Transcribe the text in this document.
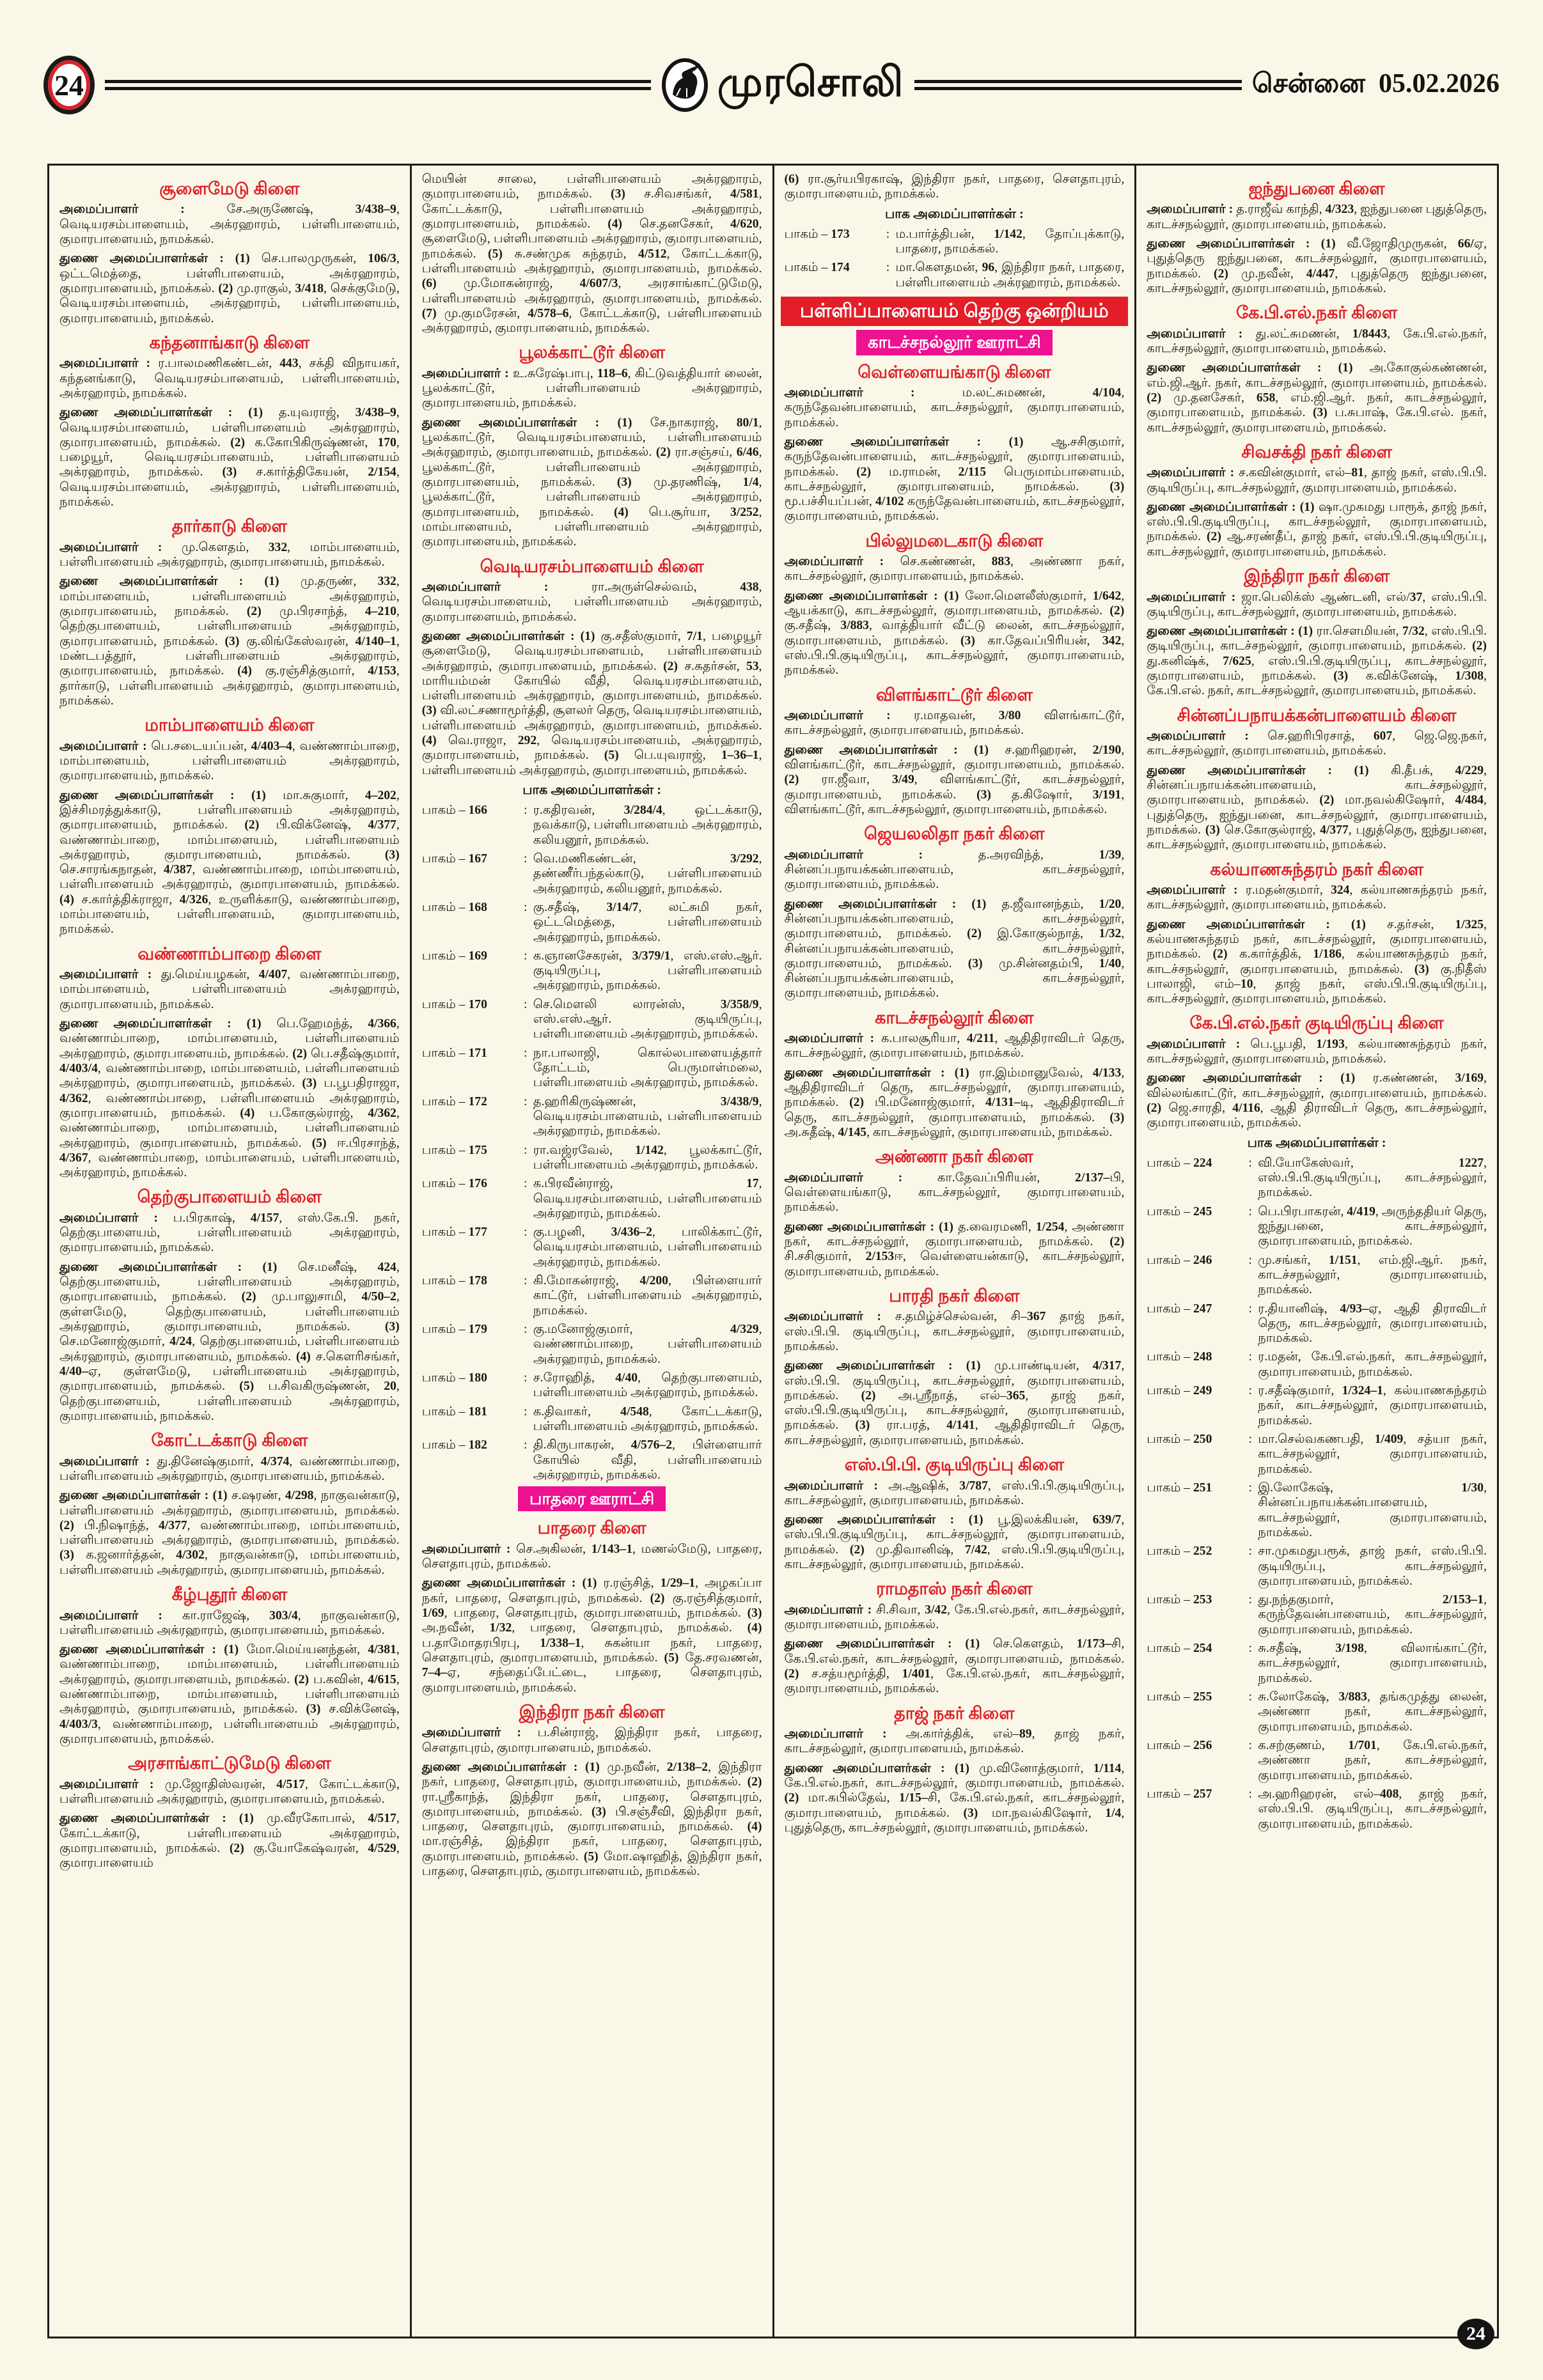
24	முரசொலி	சென்னை 05.02.2026
சூளைமேடு கிளை
அமைப்பாளர் : சே.அருணேஷ், 3/438–9, வெடியரசம்பாளையம், அக்ரஹாரம், பள்ளிபாளையம், குமாரபாளையம், நாமக்கல்.
துணை அமைப்பாளர்கள் : (1) செ.பாலமுருகன், 106/3, ஒட்டமெத்தை, பள்ளிபாளையம், அக்ரஹாரம், குமாரபாளையம், நாமக்கல். (2) மு.ராகுல், 3/418, செக்குமேடு, வெடியரசம்பாளையம், அக்ரஹாரம், பள்ளிபாளையம், குமாரபாளையம், நாமக்கல்.
கந்தனாங்காடு கிளை
அமைப்பாளர் : ர.பாலமணிகண்டன், 443, சக்தி விநாயகர், கந்தனங்காடு, வெடியரசம்பாளையம், பள்ளிபாளையம், அக்ரஹாரம், நாமக்கல்.
துணை அமைப்பாளர்கள் : (1) த.யுவராஜ், 3/438–9, வெடியரசம்பாளையம், பள்ளிபாளையம் அக்ரஹாரம், குமாரபாளையம், நாமக்கல். (2) க.கோபிகிருஷ்ணன், 170, பழையூர், வெடியரசம்பாளையம், பள்ளிபாளையம் அக்ரஹாரம், நாமக்கல். (3) ச.கார்த்திகேயன், 2/154, வெடியரசம்பாளையம், அக்ரஹாரம், பள்ளிபாளையம், நாமக்கல்.
தார்காடு கிளை
அமைப்பாளர் : மு.கௌதம், 332, மாம்பாளையம், பள்ளிபாளையம் அக்ரஹாரம், குமாரபாளையம், நாமக்கல்.
துணை அமைப்பாளர்கள் : (1) மு.தருண், 332, மாம்பாளையம், பள்ளிபாளையம் அக்ரஹாரம், குமாரபாளையம், நாமக்கல். (2) மு.பிரசாந்த், 4–210, தெற்குபாளையம், பள்ளிபாளையம் அக்ரஹாரம், குமாரபாளையம், நாமக்கல். (3) கு.லிங்கேஸ்வரன், 4/140–1, மண்டபத்தூர், பள்ளிபாளையம் அக்ரஹாரம், குமாரபாளையம், நாமக்கல். (4) கு.ரஞ்சித்குமார், 4/153, தார்காடு, பள்ளிபாளையம் அக்ரஹாரம், குமாரபாளையம், நாமக்கல்.
மாம்பாளையம் கிளை
அமைப்பாளர் : பெ.சடையப்பன், 4/403–4, வண்ணாம்பாறை, மாம்பாளையம், பள்ளிபாளையம் அக்ரஹாரம், குமாரபாளையம், நாமக்கல்.
துணை அமைப்பாளர்கள் : (1) மா.சுகுமார், 4–202, இச்சிமரத்துக்காடு, பள்ளிபாளையம் அக்ரஹாரம், குமாரபாளையம், நாமக்கல். (2) பி.விக்னேஷ், 4/377, வண்ணாம்பாறை, மாம்பாளையம், பள்ளிபாளையம் அக்ரஹாரம், குமாரபாளையம், நாமக்கல். (3) செ.சாரங்கநாதன், 4/387, வண்ணாம்பாறை, மாம்பாளையம், பள்ளிபாளையம் அக்ரஹாரம், குமாரபாளையம், நாமக்கல். (4) ச.கார்த்திக்ராஜா, 4/326, உருளிக்காடு, வண்ணாம்பாறை, மாம்பாளையம், பள்ளிபாளையம், குமாரபாளையம், நாமக்கல்.
வண்ணாம்பாறை கிளை
அமைப்பாளர் : து.மெய்யழகன், 4/407, வண்ணாம்பாறை, மாம்பாளையம், பள்ளிபாளையம் அக்ரஹாரம், குமாரபாளையம், நாமக்கல்.
துணை அமைப்பாளர்கள் : (1) பெ.ஹேமந்த், 4/366, வண்ணாம்பாறை, மாம்பாளையம், பள்ளிபாளையம் அக்ரஹாரம், குமாரபாளையம், நாமக்கல். (2) பெ.சதீஷ்குமார், 4/403/4, வண்ணாம்பாறை, மாம்பாளையம், பள்ளிபாளையம் அக்ரஹாரம், குமாரபாளையம், நாமக்கல். (3) ப.பூபதிராஜா, 4/362, வண்ணாம்பாறை, பள்ளிபாளையம் அக்ரஹாரம், குமாரபாளையம், நாமக்கல். (4) ப.கோகுல்ராஜ், 4/362, வண்ணாம்பாறை, மாம்பாளையம், பள்ளிபாளையம் அக்ரஹாரம், குமாரபாளையம், நாமக்கல். (5) ஈ.பிரசாந்த், 4/367, வண்ணாம்பாறை, மாம்பாளையம், பள்ளிபாளையம், அக்ரஹாரம், நாமக்கல்.
தெற்குபாளையம் கிளை
அமைப்பாளர் : ப.பிரகாஷ், 4/157, எஸ்.கே.பி. நகர், தெற்குபாளையம், பள்ளிபாளையம் அக்ரஹாரம், குமாரபாளையம், நாமக்கல்.
துணை அமைப்பாளர்கள் : (1) செ.மனீஷ், 424, தெற்குபாளையம், பள்ளிபாளையம் அக்ரஹாரம், குமாரபாளையம், நாமக்கல். (2) மு.பாலுசாமி, 4/50–2, குள்ளமேடு, தெற்குபாளையம், பள்ளிபாளையம் அக்ரஹாரம், குமாரபாளையம், நாமக்கல். (3) செ.மனோஜ்குமார், 4/24, தெற்குபாளையம், பள்ளிபாளையம் அக்ரஹாரம், குமாரபாளையம், நாமக்கல். (4) ச.கௌரிசங்கர், 4/40–ஏ, குள்ளமேடு, பள்ளிபாளையம் அக்ரஹாரம், குமாரபாளையம், நாமக்கல். (5) ப.சிவகிருஷ்ணன், 20, தெற்குபாளையம், பள்ளிபாளையம் அக்ரஹாரம், குமாரபாளையம், நாமக்கல்.
கோட்டக்காடு கிளை
அமைப்பாளர் : து.தினேஷ்குமார், 4/374, வண்ணாம்பாறை, பள்ளிபாளையம் அக்ரஹாரம், குமாரபாளையம், நாமக்கல்.
துணை அமைப்பாளர்கள் : (1) ச.ஷரண், 4/298, நாகுவன்காடு, பள்ளிபாளையம் அக்ரஹாரம், குமாரபாளையம், நாமக்கல். (2) பி.நிஷாந்த், 4/377, வண்ணாம்பாறை, மாம்பாளையம், பள்ளிபாளையம் அக்ரஹாரம், குமாரபாளையம், நாமக்கல். (3) க.ஜனார்த்தன், 4/302, நாகுவன்காடு, மாம்பாளையம், பள்ளிபாளையம் அக்ரஹாரம், குமாரபாளையம், நாமக்கல்.
கீழ்புதூர் கிளை
அமைப்பாளர் : கா.ராஜேஷ், 303/4, நாகுவன்காடு, பள்ளிபாளையம் அக்ரஹாரம், குமாரபாளையம், நாமக்கல்.
துணை அமைப்பாளர்கள் : (1) மோ.மெய்யனந்தன், 4/381, வண்ணாம்பாறை, மாம்பாளையம், பள்ளிபாளையம் அக்ரஹாரம், குமாரபாளையம், நாமக்கல். (2) ப.கவின், 4/615, வண்ணாம்பாறை, மாம்பாளையம், பள்ளிபாளையம் அக்ரஹாரம், குமாரபாளையம், நாமக்கல். (3) ச.விக்னேஷ், 4/403/3, வண்ணாம்பாறை, பள்ளிபாளையம் அக்ரஹாரம், குமாரபாளையம், நாமக்கல்.
அரசாங்காட்டுமேடு கிளை
அமைப்பாளர் : மு.ஜோதிஸ்வரன், 4/517, கோட்டக்காடு, பள்ளிபாளையம் அக்ரஹாரம், குமாரபாளையம், நாமக்கல்.
துணை அமைப்பாளர்கள் : (1) மு.வீரகோபால், 4/517, கோட்டக்காடு, பள்ளிபாளையம் அக்ரஹாரம், குமாரபாளையம், நாமக்கல். (2) கு.யோகேஷ்வரன், 4/529, குமாரபாளையம்
மெயின் சாலை, பள்ளிபாளையம் அக்ரஹாரம், குமாரபாளையம், நாமக்கல். (3) ச.சிவசங்கர், 4/581, கோட்டக்காடு, பள்ளிபாளையம் அக்ரஹாரம், குமாரபாளையம், நாமக்கல். (4) செ.தனசேகர், 4/620, சூளைமேடு, பள்ளிபாளையம் அக்ரஹாரம், குமாரபாளையம், நாமக்கல். (5) சு.சண்முக சுந்தரம், 4/512, கோட்டக்காடு, பள்ளிபாளையம் அக்ரஹாரம், குமாரபாளையம், நாமக்கல். (6) மு.மோகன்ராஜ், 4/607/3, அரசாங்காட்டுமேடு, பள்ளிபாளையம் அக்ரஹாரம், குமாரபாளையம், நாமக்கல். (7) மு.குமரேசன், 4/578–6, கோட்டக்காடு, பள்ளிபாளையம் அக்ரஹாரம், குமாரபாளையம், நாமக்கல்.
பூலக்காட்டூர் கிளை
அமைப்பாளர் : உ.சுரேஷ்பாபு, 118–6, கிட்டுவத்தியார் லைன், பூலக்காட்டூர், பள்ளிபாளையம் அக்ரஹாரம், குமாரபாளையம், நாமக்கல்.
துணை அமைப்பாளர்கள் : (1) சே.நாகராஜ், 80/1, பூலக்காட்டூர், வெடியரசம்பாளையம், பள்ளிபாளையம் அக்ரஹாரம், குமாரபாளையம், நாமக்கல். (2) ரா.சஞ்சய், 6/46, பூலக்காட்டூர், பள்ளிபாளையம் அக்ரஹாரம், குமாரபாளையம், நாமக்கல். (3) மு.தரணிஷ், 1/4, பூலக்காட்டூர், பள்ளிபாளையம் அக்ரஹாரம், குமாரபாளையம், நாமக்கல். (4) பெ.சூர்யா, 3/252, மாம்பாளையம், பள்ளிபாளையம் அக்ரஹாரம், குமாரபாளையம், நாமக்கல்.
வெடியரசம்பாளையம் கிளை
அமைப்பாளர் : ரா.அருள்செல்வம், 438, வெடியரசம்பாளையம், பள்ளிபாளையம் அக்ரஹாரம், குமாரபாளையம், நாமக்கல்.
துணை அமைப்பாளர்கள் : (1) கு.சதீஸ்குமார், 7/1, பழையூர் சூளைமேடு, வெடியரசம்பாளையம், பள்ளிபாளையம் அக்ரஹாரம், குமாரபாளையம், நாமக்கல். (2) ச.சுதர்சன், 53, மாரியம்மன் கோயில் வீதி, வெடியரசம்பாளையம், பள்ளிபாளையம் அக்ரஹாரம், குமாரபாளையம், நாமக்கல். (3) வி.லட்சணாமூர்த்தி, சூளலர் தெரு, வெடியரசம்பாளையம், பள்ளிபாளையம் அக்ரஹாரம், குமாரபாளையம், நாமக்கல். (4) வெ.ராஜா, 292, வெடியரசம்பாளையம், அக்ரஹாரம், குமாரபாளையம், நாமக்கல். (5) பெ.யுவராஜ், 1–36–1, பள்ளிபாளையம் அக்ரஹாரம், குமாரபாளையம், நாமக்கல்.
பாக அமைப்பாளர்கள் :
பாகம் – 166	: ர.கதிரவன், 3/284/4, ஒட்டக்காடு, நவக்காடு, பள்ளிபாளையம் அக்ரஹாரம், கலியனூர், நாமக்கல்.
பாகம் – 167	: வெ.மணிகண்டன், 3/292, தண்ணீர்பந்தல்காடு, பள்ளிபாளையம் அக்ரஹாரம், கலியனூர், நாமக்கல்.
பாகம் – 168	: கு.சதீஷ், 3/14/7, லட்சுமி நகர், ஒட்டமெத்தை, பள்ளிபாளையம் அக்ரஹாரம், நாமக்கல்.
பாகம் – 169	: க.ஞானசேகரன், 3/379/1, எஸ்.எஸ்.ஆர். குடியிருப்பு, பள்ளிபாளையம் அக்ரஹாரம், நாமக்கல்.
பாகம் – 170	: செ.மௌலி லாரன்ஸ், 3/358/9, எஸ்.எஸ்.ஆர். குடியிருப்பு, பள்ளிபாளையம் அக்ரஹாரம், நாமக்கல்.
பாகம் – 171	: நா.பாலாஜி, கொல்லபாளையத்தார் தோட்டம், பெருமாள்மலை, பள்ளிபாளையம் அக்ரஹாரம், நாமக்கல்.
பாகம் – 172	: த.ஹரிகிருஷ்ணன், 3/438/9, வெடியரசம்பாளையம், பள்ளிபாளையம் அக்ரஹாரம், நாமக்கல்.
பாகம் – 175	: ரா.வஜ்ரவேல், 1/142, பூலக்காட்டூர், பள்ளிபாளையம் அக்ரஹாரம், நாமக்கல்.
பாகம் – 176	: க.பிரவீன்ராஜ், 17, வெடியரசம்பாளையம், பள்ளிபாளையம் அக்ரஹாரம், நாமக்கல்.
பாகம் – 177	: கு.பழனி, 3/436–2, பாலிக்காட்டூர், வெடியரசம்பாளையம், பள்ளிபாளையம் அக்ரஹாரம், நாமக்கல்.
பாகம் – 178	: கி.மோகன்ராஜ், 4/200, பிள்ளையார் காட்டூர், பள்ளிபாளையம் அக்ரஹாரம், நாமக்கல்.
பாகம் – 179	: கு.மனோஜ்குமார், 4/329, வண்ணாம்பாறை, பள்ளிபாளையம் அக்ரஹாரம், நாமக்கல்.
பாகம் – 180	: ச.ரோஹித், 4/40, தெற்குபாளையம், பள்ளிபாளையம் அக்ரஹாரம், நாமக்கல்.
பாகம் – 181	: க.திவாகர், 4/548, கோட்டக்காடு, பள்ளிபாளையம் அக்ரஹாரம், நாமக்கல்.
பாகம் – 182	: தி.கிருபாகரன், 4/576–2, பிள்ளையார் கோயில் வீதி, பள்ளிபாளையம் அக்ரஹாரம், நாமக்கல்.
பாதரை ஊராட்சி
பாதரை கிளை
அமைப்பாளர் : செ.அகிலன், 1/143–1, மணல்மேடு, பாதரை, சௌதாபுரம், நாமக்கல்.
துணை அமைப்பாளர்கள் : (1) ர.ரஞ்சித், 1/29–1, அழகப்பா நகர், பாதரை, சௌதாபுரம், நாமக்கல். (2) கு.ரஞ்சித்குமார், 1/69, பாதரை, சௌதாபுரம், குமாரபாளையம், நாமக்கல். (3) அ.நவீன், 1/32, பாதரை, சௌதாபுரம், நாமக்கல். (4) ப.தாமோதரபிரபு, 1/338–1, சுகன்யா நகர், பாதரை, சௌதாபுரம், குமாரபாளையம், நாமக்கல். (5) தே.சரவணன், 7–4–ஏ, சந்தைப்பேட்டை, பாதரை, சௌதாபுரம், குமாரபாளையம், நாமக்கல்.
இந்திரா நகர் கிளை
அமைப்பாளர் : ப.சின்ராஜ், இந்திரா நகர், பாதரை, சௌதாபுரம், குமாரபாளையம், நாமக்கல்.
துணை அமைப்பாளர்கள் : (1) மு.நவீன், 2/138–2, இந்திரா நகர், பாதரை, சௌதாபுரம், குமாரபாளையம், நாமக்கல். (2) ரா.ஸ்ரீகாந்த், இந்திரா நகர், பாதரை, சௌதாபுரம், குமாரபாளையம், நாமக்கல். (3) பி.சஞ்சீவி, இந்திரா நகர், பாதரை, சௌதாபுரம், குமாரபாளையம், நாமக்கல். (4) மா.ரஞ்சித், இந்திரா நகர், பாதரை, சௌதாபுரம், குமாரபாளையம், நாமக்கல். (5) மோ.ஷாஹித், இந்திரா நகர், பாதரை, சௌதாபுரம், குமாரபாளையம், நாமக்கல்.
(6) ரா.சூர்யபிரகாஷ், இந்திரா நகர், பாதரை, சௌதாபுரம், குமாரபாளையம், நாமக்கல்.
பாக அமைப்பாளர்கள் :
பாகம் – 173	: ம.பார்த்திபன், 1/142, தோப்புக்காடு, பாதரை, நாமக்கல்.
பாகம் – 174	: மா.கௌதமன், 96, இந்திரா நகர், பாதரை, பள்ளிபாளையம் அக்ரஹாரம், நாமக்கல்.
பள்ளிப்பாளையம் தெற்கு ஒன்றியம்
காடச்சநல்லூர் ஊராட்சி
வெள்ளையங்காடு கிளை
அமைப்பாளர் : ம.லட்சுமணன், 4/104, கருந்தேவன்பாளையம், காடச்சநல்லூர், குமாரபாளையம், நாமக்கல்.
துணை அமைப்பாளர்கள் : (1) ஆ.சசிகுமார், கருந்தேவன்பாளையம், காடச்சநல்லூர், குமாரபாளையம், நாமக்கல். (2) ம.ராமன், 2/115 பெருமாம்பாளையம், காடச்சநல்லூர், குமாரபாளையம், நாமக்கல். (3) மூ.பச்சியப்பன், 4/102 கருந்தேவன்பாளையம், காடச்சநல்லூர், குமாரபாளையம், நாமக்கல்.
பில்லுமடைகாடு கிளை
அமைப்பாளர் : செ.கண்ணன், 883, அண்ணா நகர், காடச்சநல்லூர், குமாரபாளையம், நாமக்கல்.
துணை அமைப்பாளர்கள் : (1) லோ.மௌலீஸ்குமார், 1/642, ஆயக்காடு, காடச்சநல்லூர், குமாரபாளையம், நாமக்கல். (2) கு.சதீஷ், 3/883, வாத்தியார் வீட்டு லைன், காடச்சநல்லூர், குமாரபாளையம், நாமக்கல். (3) கா.தேவப்பிரியன், 342, எஸ்.பி.பி.குடியிருப்பு, காடச்சநல்லூர், குமாரபாளையம், நாமக்கல்.
விளங்காட்டூர் கிளை
அமைப்பாளர் : ர.மாதவன், 3/80 விளங்காட்டூர், காடச்சநல்லூர், குமாரபாளையம், நாமக்கல்.
துணை அமைப்பாளர்கள் : (1) ச.ஹரிஹரன், 2/190, விளங்காட்டூர், காடச்சநல்லூர், குமாரபாளையம், நாமக்கல். (2) ரா.ஜீவா, 3/49, விளங்காட்டூர், காடச்சநல்லூர், குமாரபாளையம், நாமக்கல். (3) த.கிஷோர், 3/191, விளங்காட்டூர், காடச்சநல்லூர், குமாரபாளையம், நாமக்கல்.
ஜெயலலிதா நகர் கிளை
அமைப்பாளர் : த.அரவிந்த், 1/39, சின்னப்பநாயக்கன்பாளையம், காடச்சநல்லூர், குமாரபாளையம், நாமக்கல்.
துணை அமைப்பாளர்கள் : (1) த.ஜீவானந்தம், 1/20, சின்னப்பநாயக்கன்பாளையம், காடச்சநல்லூர், குமாரபாளையம், நாமக்கல். (2) இ.கோகுல்நாத், 1/32, சின்னப்பநாயக்கன்பாளையம், காடச்சநல்லூர், குமாரபாளையம், நாமக்கல். (3) மு.சின்னதம்பி, 1/40, சின்னப்பநாயக்கன்பாளையம், காடச்சநல்லூர், குமாரபாளையம், நாமக்கல்.
காடச்சநல்லூர் கிளை
அமைப்பாளர் : க.பாலசூரியா, 4/211, ஆதிதிராவிடர் தெரு, காடச்சநல்லூர், குமாரபாளையம், நாமக்கல்.
துணை அமைப்பாளர்கள் : (1) ரா.இம்மானுவேல், 4/133, ஆதிதிராவிடர் தெரு, காடச்சநல்லூர், குமாரபாளையம், நாமக்கல். (2) பி.மனோஜ்குமார், 4/131–டி, ஆதிதிராவிடர் தெரு, காடச்சநல்லூர், குமாரபாளையம், நாமக்கல். (3) அ.சுதீஷ், 4/145, காடச்சநல்லூர், குமாரபாளையம், நாமக்கல்.
அண்ணா நகர் கிளை
அமைப்பாளர் : கா.தேவப்பிரியன், 2/137–பி, வெள்ளையங்காடு, காடச்சநல்லூர், குமாரபாளையம், நாமக்கல்.
துணை அமைப்பாளர்கள் : (1) த.வைரமணி, 1/254, அண்ணா நகர், காடச்சநல்லூர், குமாரபாளையம், நாமக்கல். (2) சி.சசிகுமார், 2/153ஈ, வெள்ளையன்காடு, காடச்சநல்லூர், குமாரபாளையம், நாமக்கல்.
பாரதி நகர் கிளை
அமைப்பாளர் : ச.தமிழ்ச்செல்வன், சி–367 தாஜ் நகர், எஸ்.பி.பி. குடியிருப்பு, காடச்சநல்லூர், குமாரபாளையம், நாமக்கல்.
துணை அமைப்பாளர்கள் : (1) மு.பாண்டியன், 4/317, எஸ்.பி.பி. குடியிருப்பு, காடச்சநல்லூர், குமாரபாளையம், நாமக்கல். (2) அ.ஸ்ரீநாத், எல்–365, தாஜ் நகர், எஸ்.பி.பி.குடியிருப்பு, காடச்சநல்லூர், குமாரபாளையம், நாமக்கல். (3) ரா.பரத், 4/141, ஆதிதிராவிடர் தெரு, காடச்சநல்லூர், குமாரபாளையம், நாமக்கல்.
எஸ்.பி.பி. குடியிருப்பு கிளை
அமைப்பாளர் : அ.ஆஷிக், 3/787, எஸ்.பி.பி.குடியிருப்பு, காடச்சநல்லூர், குமாரபாளையம், நாமக்கல்.
துணை அமைப்பாளர்கள் : (1) பூ.இலக்கியன், 639/7, எஸ்.பி.பி.குடியிருப்பு, காடச்சநல்லூர், குமாரபாளையம், நாமக்கல். (2) மு.திவானிஷ், 7/42, எஸ்.பி.பி.குடியிருப்பு, காடச்சநல்லூர், குமாரபாளையம், நாமக்கல்.
ராமதாஸ் நகர் கிளை
அமைப்பாளர் : சி.சிவா, 3/42, கே.பி.எல்.நகர், காடச்சநல்லூர், குமாரபாளையம், நாமக்கல்.
துணை அமைப்பாளர்கள் : (1) செ.கௌதம், 1/173–சி, கே.பி.எல்.நகர், காடச்சநல்லூர், குமாரபாளையம், நாமக்கல். (2) ச.சத்யமூர்த்தி, 1/401, கே.பி.எல்.நகர், காடச்சநல்லூர், குமாரபாளையம், நாமக்கல்.
தாஜ் நகர் கிளை
அமைப்பாளர் : அ.கார்த்திக், எல்–89, தாஜ் நகர், காடச்சநல்லூர், குமாரபாளையம், நாமக்கல்.
துணை அமைப்பாளர்கள் : (1) மு.வினோத்குமார், 1/114, கே.பி.எல்.நகர், காடச்சநல்லூர், குமாரபாளையம், நாமக்கல். (2) மா.கபில்தேவ், 1/15–சி, கே.பி.எல்.நகர், காடச்சநல்லூர், குமாரபாளையம், நாமக்கல். (3) மா.நவல்கிஷோர், 1/4, புதுத்தெரு, காடச்சநல்லூர், குமாரபாளையம், நாமக்கல்.
ஐந்துபனை கிளை
அமைப்பாளர் : த.ராஜீவ் காந்தி, 4/323, ஐந்துபனை புதுத்தெரு, காடச்சநல்லூர், குமாரபாளையம், நாமக்கல்.
துணை அமைப்பாளர்கள் : (1) வீ.ஜோதிமுருகன், 66/ஏ, புதுத்தெரு ஐந்துபனை, காடச்சநல்லூர், குமாரபாளையம், நாமக்கல். (2) மு.நவீன், 4/447, புதுத்தெரு ஐந்துபனை, காடச்சநல்லூர், குமாரபாளையம், நாமக்கல்.
கே.பி.எல்.நகர் கிளை
அமைப்பாளர் : து.லட்சுமணன், 1/8443, கே.பி.எல்.நகர், காடச்சநல்லூர், குமாரபாளையம், நாமக்கல்.
துணை அமைப்பாளர்கள் : (1) அ.கோகுல்கண்ணன், எம்.ஜி.ஆர். நகர், காடச்சநல்லூர், குமாரபாளையம், நாமக்கல். (2) மு.தனசேகர், 658, எம்.ஜி.ஆர். நகர், காடச்சநல்லூர், குமாரபாளையம், நாமக்கல். (3) ப.சுபாஷ், கே.பி.எல். நகர், காடச்சநல்லூர், குமாரபாளையம், நாமக்கல்.
சிவசக்தி நகர் கிளை
அமைப்பாளர் : ச.கவின்குமார், எல்–81, தாஜ் நகர், எஸ்.பி.பி. குடியிருப்பு, காடச்சநல்லூர், குமாரபாளையம், நாமக்கல்.
துணை அமைப்பாளர்கள் : (1) ஷா.முகமது பாரூக், தாஜ் நகர், எஸ்.பி.பி.குடியிருப்பு, காடச்சநல்லூர், குமாரபாளையம், நாமக்கல். (2) ஆ.சரண்தீப், தாஜ் நகர், எஸ்.பி.பி.குடியிருப்பு, காடச்சநல்லூர், குமாரபாளையம், நாமக்கல்.
இந்திரா நகர் கிளை
அமைப்பாளர் : ஜா.பெலிக்ஸ் ஆண்டனி, எல்/37, எஸ்.பி.பி. குடியிருப்பு, காடச்சநல்லூர், குமாரபாளையம், நாமக்கல்.
துணை அமைப்பாளர்கள் : (1) ரா.சௌமியன், 7/32, எஸ்.பி.பி. குடியிருப்பு, காடச்சநல்லூர், குமாரபாளையம், நாமக்கல். (2) து.கனிஷ்க், 7/625, எஸ்.பி.பி.குடியிருப்பு, காடச்சநல்லூர், குமாரபாளையம், நாமக்கல். (3) க.விக்னேஷ், 1/308, கே.பி.எல். நகர், காடச்சநல்லூர், குமாரபாளையம், நாமக்கல்.
சின்னப்பநாயக்கன்பாளையம் கிளை
அமைப்பாளர் : செ.ஹரிபிரசாத், 607, ஜெ.ஜெ.நகர், காடச்சநல்லூர், குமாரபாளையம், நாமக்கல்.
துணை அமைப்பாளர்கள் : (1) கி.தீபக், 4/229, சின்னப்பநாயக்கன்பாளையம், காடச்சநல்லூர், குமாரபாளையம், நாமக்கல். (2) மா.நவல்கிஷோர், 4/484, புதுத்தெரு, ஐந்துபனை, காடச்சநல்லூர், குமாரபாளையம், நாமக்கல். (3) செ.கோகுல்ராஜ், 4/377, புதுத்தெரு, ஐந்துபனை, காடச்சநல்லூர், குமாரபாளையம், நாமக்கல்.
கல்யாணசுந்தரம் நகர் கிளை
அமைப்பாளர் : ர.மதன்குமார், 324, கல்யாணசுந்தரம் நகர், காடச்சநல்லூர், குமாரபாளையம், நாமக்கல்.
துணை அமைப்பாளர்கள் : (1) ச.தர்சன், 1/325, கல்யாணசுந்தரம் நகர், காடச்சநல்லூர், குமாரபாளையம், நாமக்கல். (2) க.கார்த்திக், 1/186, கல்யாணசுந்தரம் நகர், காடச்சநல்லூர், குமாரபாளையம், நாமக்கல். (3) கு.நிதீஸ் பாலாஜி, எம்–10, தாஜ் நகர், எஸ்.பி.பி.குடியிருப்பு, காடச்சநல்லூர், குமாரபாளையம், நாமக்கல்.
கே.பி.எல்.நகர் குடியிருப்பு கிளை
அமைப்பாளர் : பெ.பூபதி, 1/193, கல்யாணசுந்தரம் நகர், காடச்சநல்லூர், குமாரபாளையம், நாமக்கல்.
துணை அமைப்பாளர்கள் : (1) ர.கண்ணன், 3/169, வில்லங்காட்டூர், காடச்சநல்லூர், குமாரபாளையம், நாமக்கல். (2) ஜெ.சாரதி, 4/116, ஆதி திராவிடர் தெரு, காடச்சநல்லூர், குமாரபாளையம், நாமக்கல்.
பாக அமைப்பாளர்கள் :
பாகம் – 224	: வி.யோகேஸ்வர், 1227, எஸ்.பி.பி.குடியிருப்பு, காடச்சநல்லூர், நாமக்கல்.
பாகம் – 245	: பெ.பிரபாகரன், 4/419, அருந்ததியர் தெரு, ஐந்துபனை, காடச்சநல்லூர், குமாரபாளையம், நாமக்கல்.
பாகம் – 246	: மு.சங்கர், 1/151, எம்.ஜி.ஆர். நகர், காடச்சநல்லூர், குமாரபாளையம், நாமக்கல்.
பாகம் – 247	: ர.தியானிஷ், 4/93–ஏ, ஆதி திராவிடர் தெரு, காடச்சநல்லூர், குமாரபாளையம், நாமக்கல்.
பாகம் – 248	: ர.மதன், கே.பி.எல்.நகர், காடச்சநல்லூர், குமாரபாளையம், நாமக்கல்.
பாகம் – 249	: ர.சதீஷ்குமார், 1/324–1, கல்யாணசுந்தரம் நகர், காடச்சநல்லூர், குமாரபாளையம், நாமக்கல்.
பாகம் – 250	: மா.செல்வகணபதி, 1/409, சத்யா நகர், காடச்சநல்லூர், குமாரபாளையம், நாமக்கல்.
பாகம் – 251	: இ.லோகேஷ், 1/30, சின்னப்பநாயக்கன்பாளையம், காடச்சநல்லூர், குமாரபாளையம், நாமக்கல்.
பாகம் – 252	: சா.முகமதுபரூக், தாஜ் நகர், எஸ்.பி.பி. குடியிருப்பு, காடச்சநல்லூர், குமாரபாளையம், நாமக்கல்.
பாகம் – 253	: து.நந்தகுமார், 2/153–1, கருந்தேவன்பாளையம், காடச்சநல்லூர், குமாரபாளையம், நாமக்கல்.
பாகம் – 254	: சு.சதீஷ், 3/198, விலாங்காட்டூர், காடச்சநல்லூர், குமாரபாளையம், நாமக்கல்.
பாகம் – 255	: சு.லோகேஷ், 3/883, தங்கமுத்து லைன், அண்ணா நகர், காடச்சநல்லூர், குமாரபாளையம், நாமக்கல்.
பாகம் – 256	: க.சற்குணம், 1/701, கே.பி.எல்.நகர், அண்ணா நகர், காடச்சநல்லூர், குமாரபாளையம், நாமக்கல்.
பாகம் – 257	: அ.ஹரிஹரன், எல்–408, தாஜ் நகர், எஸ்.பி.பி. குடியிருப்பு, காடச்சநல்லூர், குமாரபாளையம், நாமக்கல்.
24
